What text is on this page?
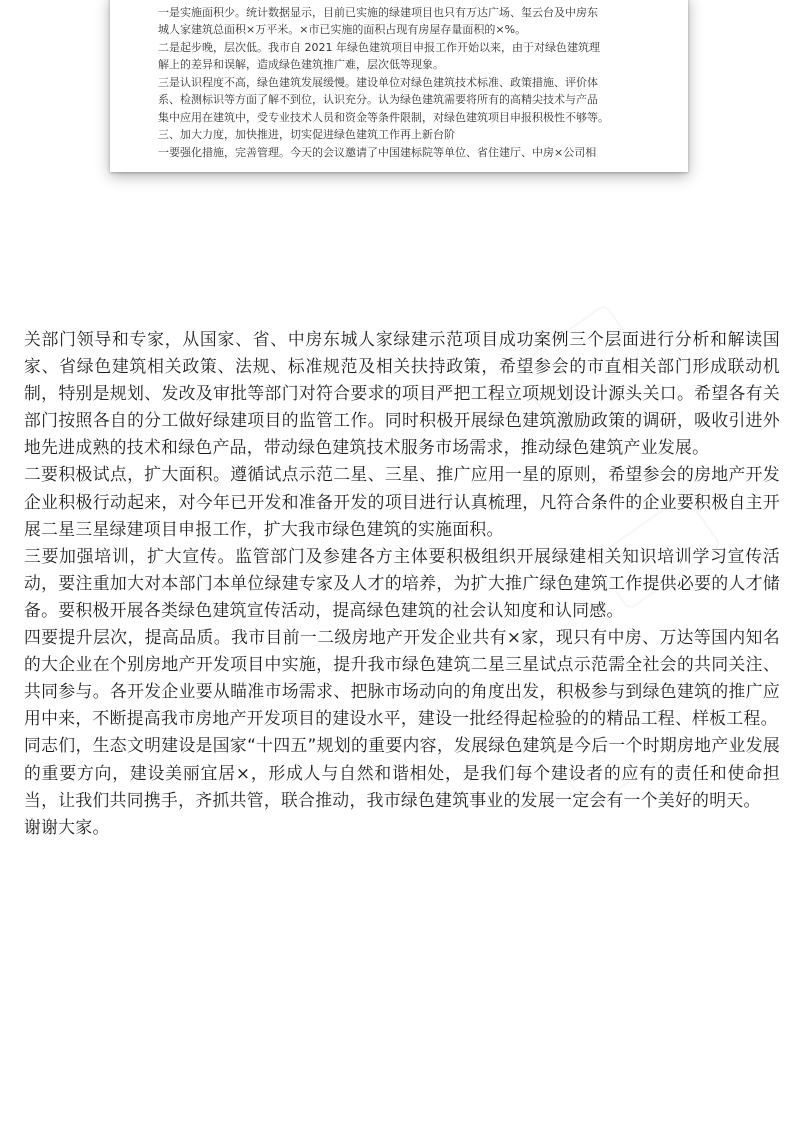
一是实施面积少。统计数据显示，目前已实施的绿建项目也只有万达广场、玺云台及中房东
城人家建筑总面积×万平米。×市已实施的面积占现有房屋存量面积的×%。
二是起步晚，层次低。我市自 2021 年绿色建筑项目申报工作开始以来，由于对绿色建筑理
解上的差异和误解，造成绿色建筑推广难，层次低等现象。
三是认识程度不高，绿色建筑发展缓慢。建设单位对绿色建筑技术标准、政策措施、评价体
系、检测标识等方面了解不到位，认识充分。认为绿色建筑需要将所有的高精尖技术与产品
集中应用在建筑中，受专业技术人员和资金等条件限制，对绿色建筑项目申报积极性不够等。
三、加大力度，加快推进，切实促进绿色建筑工作再上新台阶
一要强化措施，完善管理。今天的会议邀请了中国建标院等单位、省住建厅、中房×公司相

关部门领导和专家，从国家、省、中房东城人家绿建示范项目成功案例三个层面进行分析和解读国家、省绿色建筑相关政策、法规、标准规范及相关扶持政策，希望参会的市直相关部门形成联动机制，特别是规划、发改及审批等部门对符合要求的项目严把工程立项规划设计源头关口。希望各有关部门按照各自的分工做好绿建项目的监管工作。同时积极开展绿色建筑激励政策的调研，吸收引进外地先进成熟的技术和绿色产品，带动绿色建筑技术服务市场需求，推动绿色建筑产业发展。

二要积极试点，扩大面积。遵循试点示范二星、三星、推广应用一星的原则，希望参会的房地产开发企业积极行动起来，对今年已开发和准备开发的项目进行认真梳理，凡符合条件的企业要积极自主开展二星三星绿建项目申报工作，扩大我市绿色建筑的实施面积。

三要加强培训，扩大宣传。监管部门及参建各方主体要积极组织开展绿建相关知识培训学习宣传活动，要注重加大对本部门本单位绿建专家及人才的培养，为扩大推广绿色建筑工作提供必要的人才储备。要积极开展各类绿色建筑宣传活动，提高绿色建筑的社会认知度和认同感。

四要提升层次，提高品质。我市目前一二级房地产开发企业共有×家，现只有中房、万达等国内知名的大企业在个别房地产开发项目中实施，提升我市绿色建筑二星三星试点示范需全社会的共同关注、共同参与。各开发企业要从瞄准市场需求、把脉市场动向的角度出发，积极参与到绿色建筑的推广应用中来，不断提高我市房地产开发项目的建设水平，建设一批经得起检验的的精品工程、样板工程。

同志们，生态文明建设是国家“十四五”规划的重要内容，发展绿色建筑是今后一个时期房地产业发展的重要方向，建设美丽宜居×，形成人与自然和谐相处，是我们每个建设者的应有的责任和使命担当，让我们共同携手，齐抓共管，联合推动，我市绿色建筑事业的发展一定会有一个美好的明天。

谢谢大家。
